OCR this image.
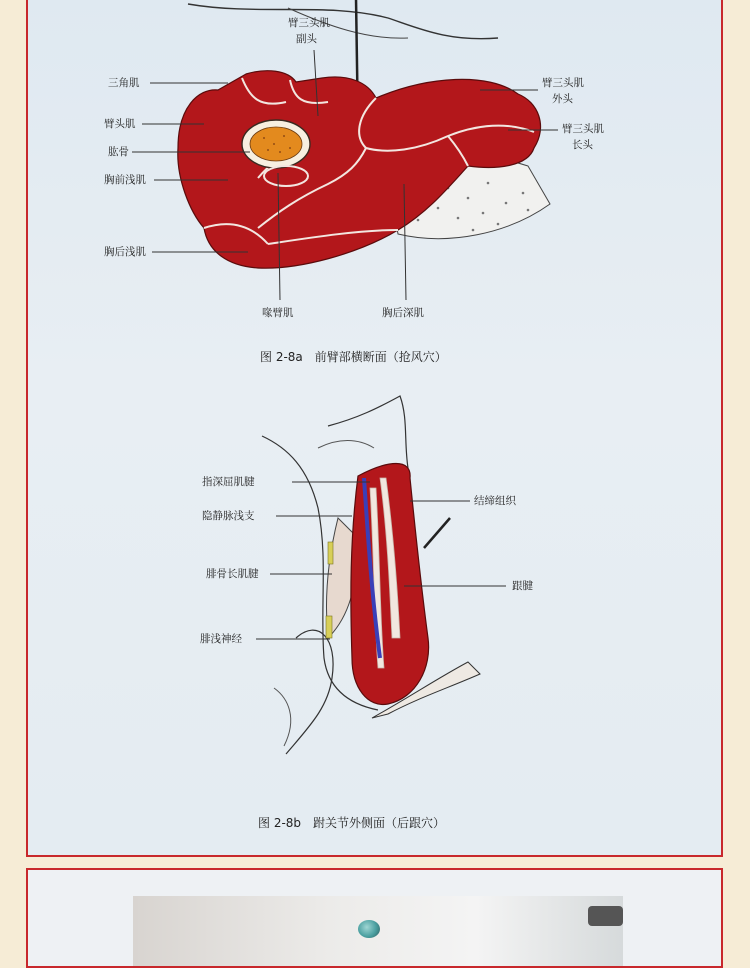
臂三头肌
副头
三角肌
臂头肌
肱骨
胸前浅肌
胸后浅肌
臂三头肌
外头
臂三头肌
长头
喙臂肌	胸后深肌
图 2-8a　前臂部横断面（抢风穴）
指深屈肌腱
隐静脉浅支
腓骨长肌腱
腓浅神经
结缔组织
跟腱
图 2-8b　跗关节外侧面（后跟穴）
